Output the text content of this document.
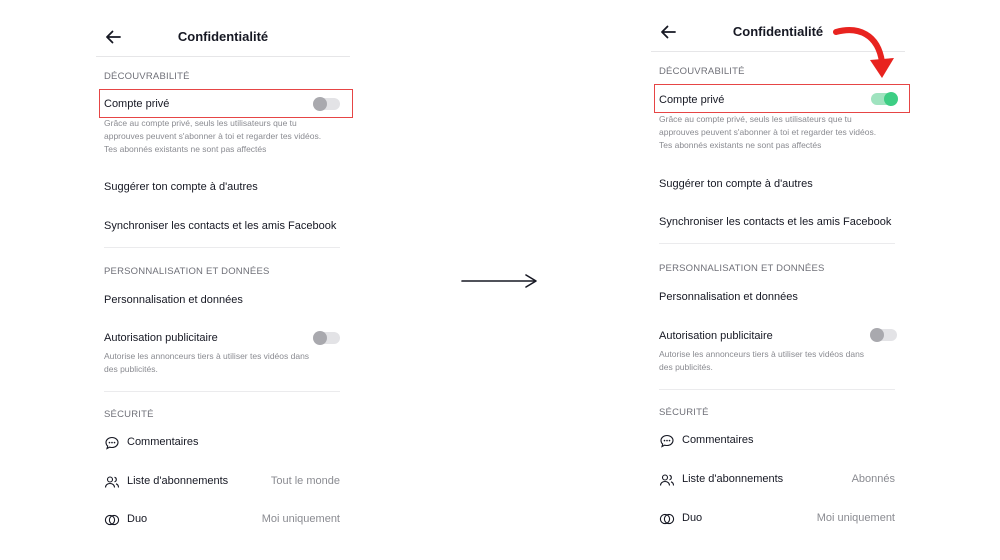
Confidentialité
DÉCOUVRABILITÉ
Compte privé
Grâce au compte privé, seuls les utilisateurs que tu
approuves peuvent s'abonner à toi et regarder tes vidéos.
Tes abonnés existants ne sont pas affectés
Suggérer ton compte à d'autres
Synchroniser les contacts et les amis Facebook
PERSONNALISATION ET DONNÉES
Personnalisation et données
Autorisation publicitaire
Autorise les annonceurs tiers à utiliser tes vidéos dans
des publicités.
SÉCURITÉ
Commentaires
Liste d'abonnements	Tout le monde
Duo	Moi uniquement
Confidentialité
DÉCOUVRABILITÉ
Compte privé
Grâce au compte privé, seuls les utilisateurs que tu
approuves peuvent s'abonner à toi et regarder tes vidéos.
Tes abonnés existants ne sont pas affectés
Suggérer ton compte à d'autres
Synchroniser les contacts et les amis Facebook
PERSONNALISATION ET DONNÉES
Personnalisation et données
Autorisation publicitaire
Autorise les annonceurs tiers à utiliser tes vidéos dans
des publicités.
SÉCURITÉ
Commentaires
Liste d'abonnements	Abonnés
Duo	Moi uniquement
